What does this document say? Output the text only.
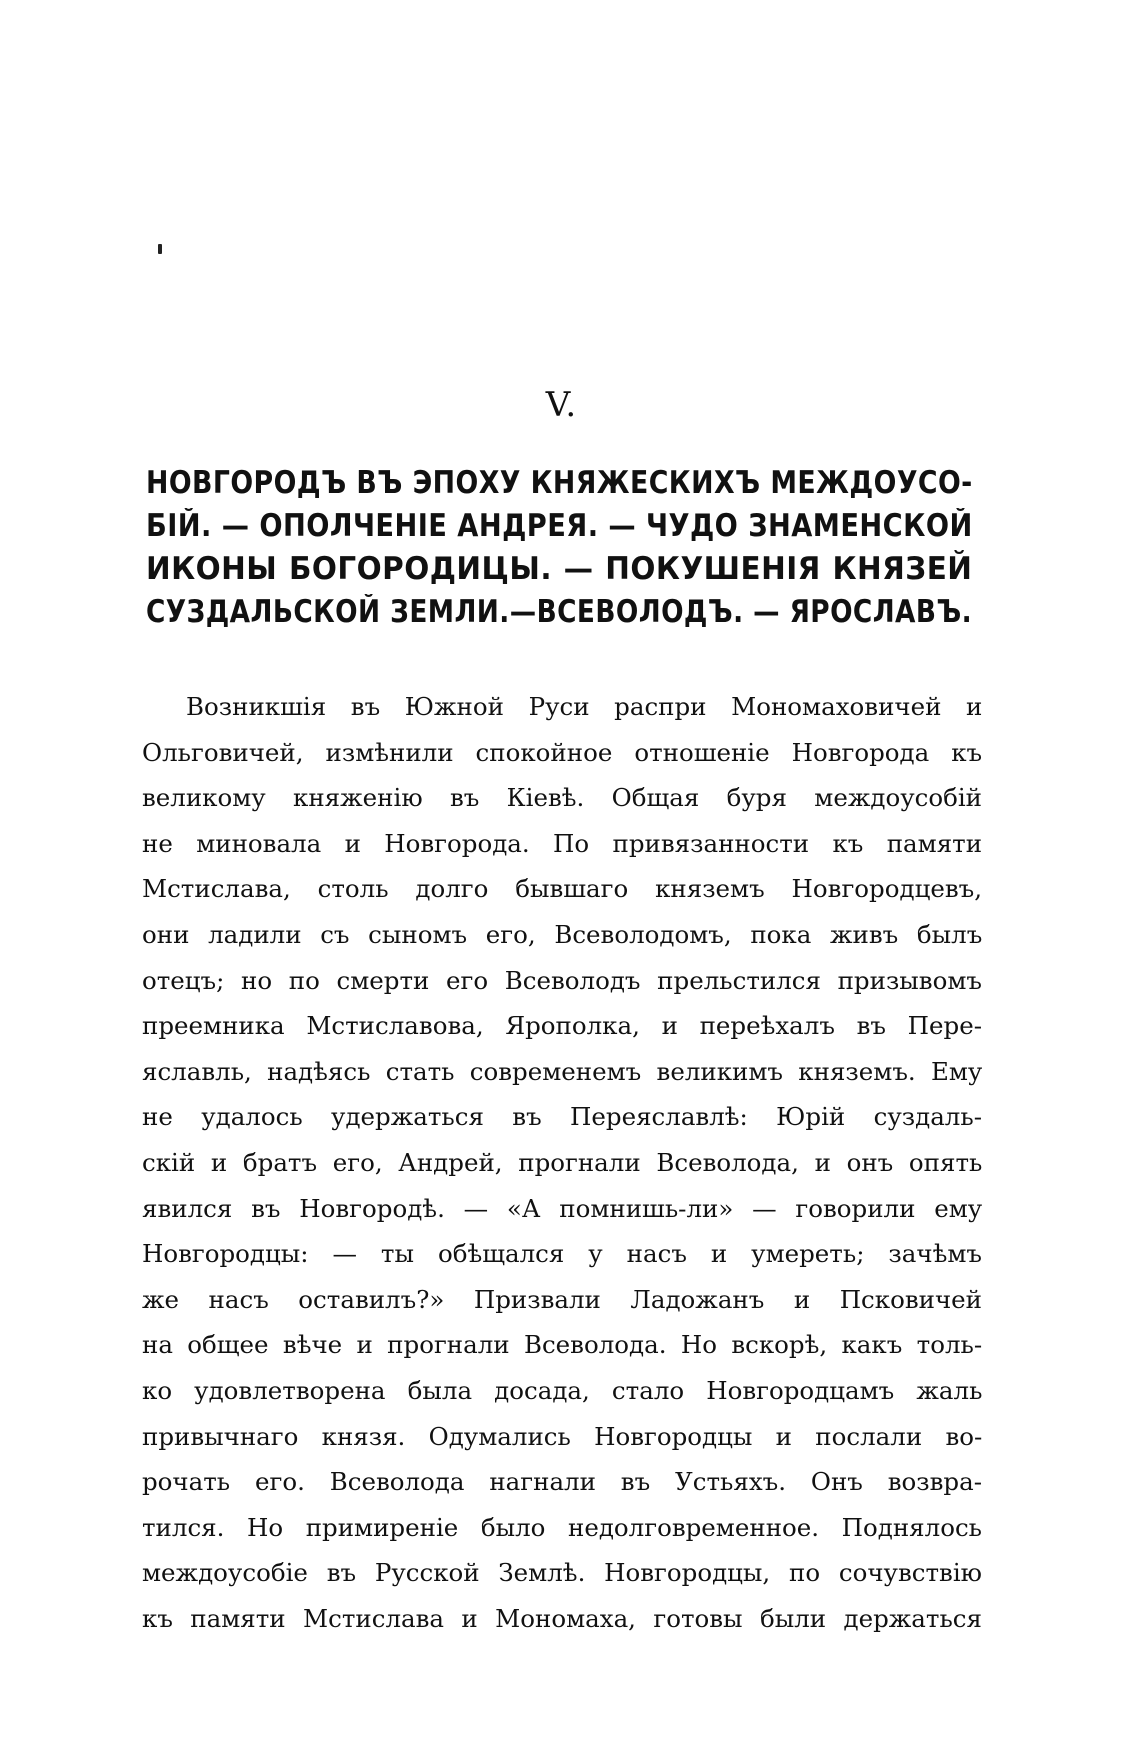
V.
НОВГОРОДЪ ВЪ ЭПОХУ КНЯЖЕСКИХЪ МЕЖДОУСО-
БІЙ. — ОПОЛЧЕНІЕ АНДРЕЯ. — ЧУДО ЗНАМЕНСКОЙ
ИКОНЫ БОГОРОДИЦЫ. — ПОКУШЕНІЯ КНЯЗЕЙ
СУЗДАЛЬСКОЙ ЗЕМЛИ.—ВСЕВОЛОДЪ. — ЯРОСЛАВЪ.
Возникшія въ Южной Руси распри Мономаховичей и
Ольговичей, измѣнили спокойное отношеніе Новгорода къ
великому княженію въ Кіевѣ. Общая буря междоусобій
не миновала и Новгорода. По привязанности къ памяти
Мстислава, столь долго бывшаго княземъ Новгородцевъ,
они ладили съ сыномъ его, Всеволодомъ, пока живъ былъ
отецъ; но по смерти его Всеволодъ прельстился призывомъ
преемника Мстиславова, Ярополка, и переѣхалъ въ Пере-
яславль, надѣясь стать современемъ великимъ княземъ. Ему
не удалось удержаться въ Переяславлѣ: Юрій суздаль-
скій и братъ его, Андрей, прогнали Всеволода, и онъ опять
явился въ Новгородѣ. — «А помнишь-ли» — говорили ему
Новгородцы: — ты обѣщался у насъ и умереть; зачѣмъ
же насъ оставилъ?» Призвали Ладожанъ и Псковичей
на общее вѣче и прогнали Всеволода. Но вскорѣ, какъ толь-
ко удовлетворена была досада, стало Новгородцамъ жаль
привычнаго князя. Одумались Новгородцы и послали во-
рочать его. Всеволода нагнали въ Устьяхъ. Онъ возвра-
тился. Но примиреніе было недолговременное. Поднялось
междоусобіе въ Русской Землѣ. Новгородцы, по сочувствію
къ памяти Мстислава и Мономаха, готовы были держаться
